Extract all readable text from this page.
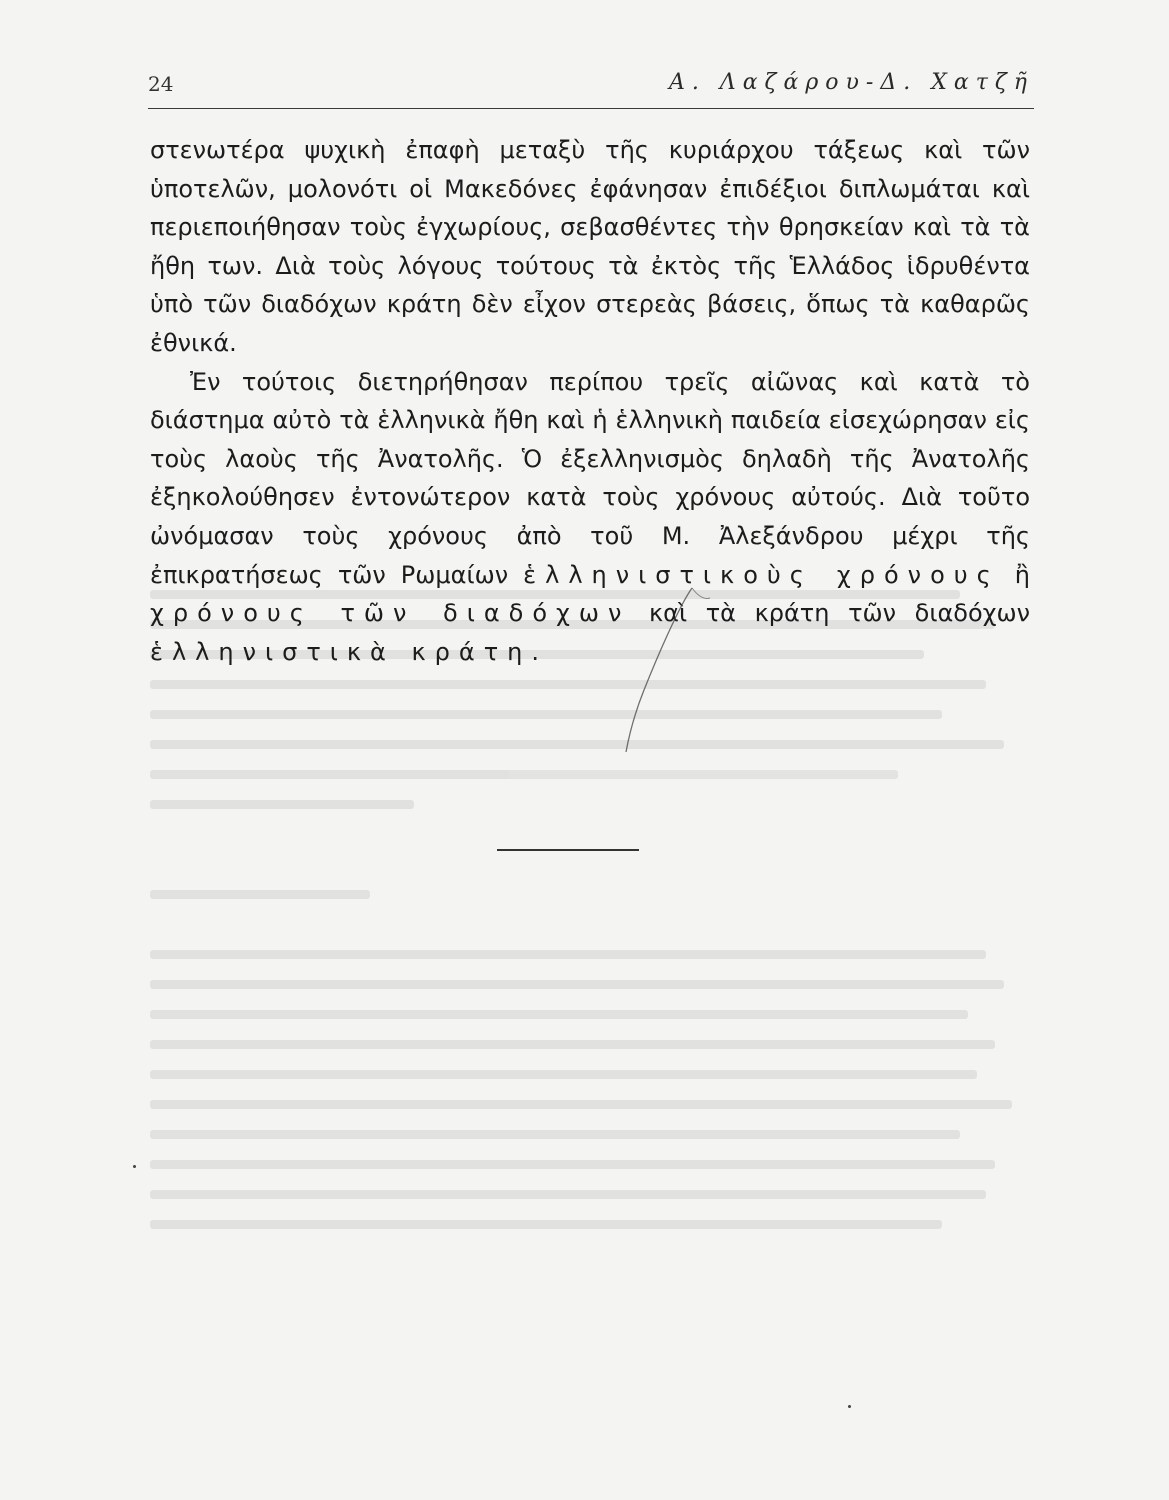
24	Α. Λαζάρου-Δ. Χατζῆ

στενωτέρα ψυχικὴ ἐπαφὴ μεταξὺ τῆς κυριάρχου τάξεως καὶ τῶν ὑποτελῶν, μολονότι οἱ Μακεδόνες ἐφάνησαν ἐπιδέξιοι διπλωμάται καὶ περιεποιήθησαν τοὺς ἐγχωρίους, σεβασθέντες τὴν θρησκείαν καὶ τὰ τὰ ἤθη των. Διὰ τοὺς λόγους τούτους τὰ ἐκτὸς τῆς Ἑλλάδος ἱδρυθέντα ὑπὸ τῶν διαδόχων κράτη δὲν εἶχον στερεὰς βάσεις, ὅπως τὰ καθαρῶς ἐθνικά.

Ἐν τούτοις διετηρήθησαν περίπου τρεῖς αἰῶνας καὶ κατὰ τὸ διάστημα αὐτὸ τὰ ἑλληνικὰ ἤθη καὶ ἡ ἑλληνικὴ παιδεία εἰσεχώρησαν εἰς τοὺς λαοὺς τῆς Ἀνατολῆς. Ὁ ἐξελληνισμὸς δηλαδὴ τῆς Ἀνατολῆς ἐξηκολούθησεν ἐντονώτερον κατὰ τοὺς χρόνους αὐτούς. Διὰ τοῦτο ὠνόμασαν τοὺς χρόνους ἀπὸ τοῦ Μ. Ἀλεξάνδρου μέχρι τῆς ἐπικρατήσεως τῶν Ρωμαίων ἑλληνιστικοὺς χρόνους ἢ χρόνους τῶν διαδόχων καὶ τὰ κράτη τῶν διαδόχων ἑλληνιστικὰ κράτη.
